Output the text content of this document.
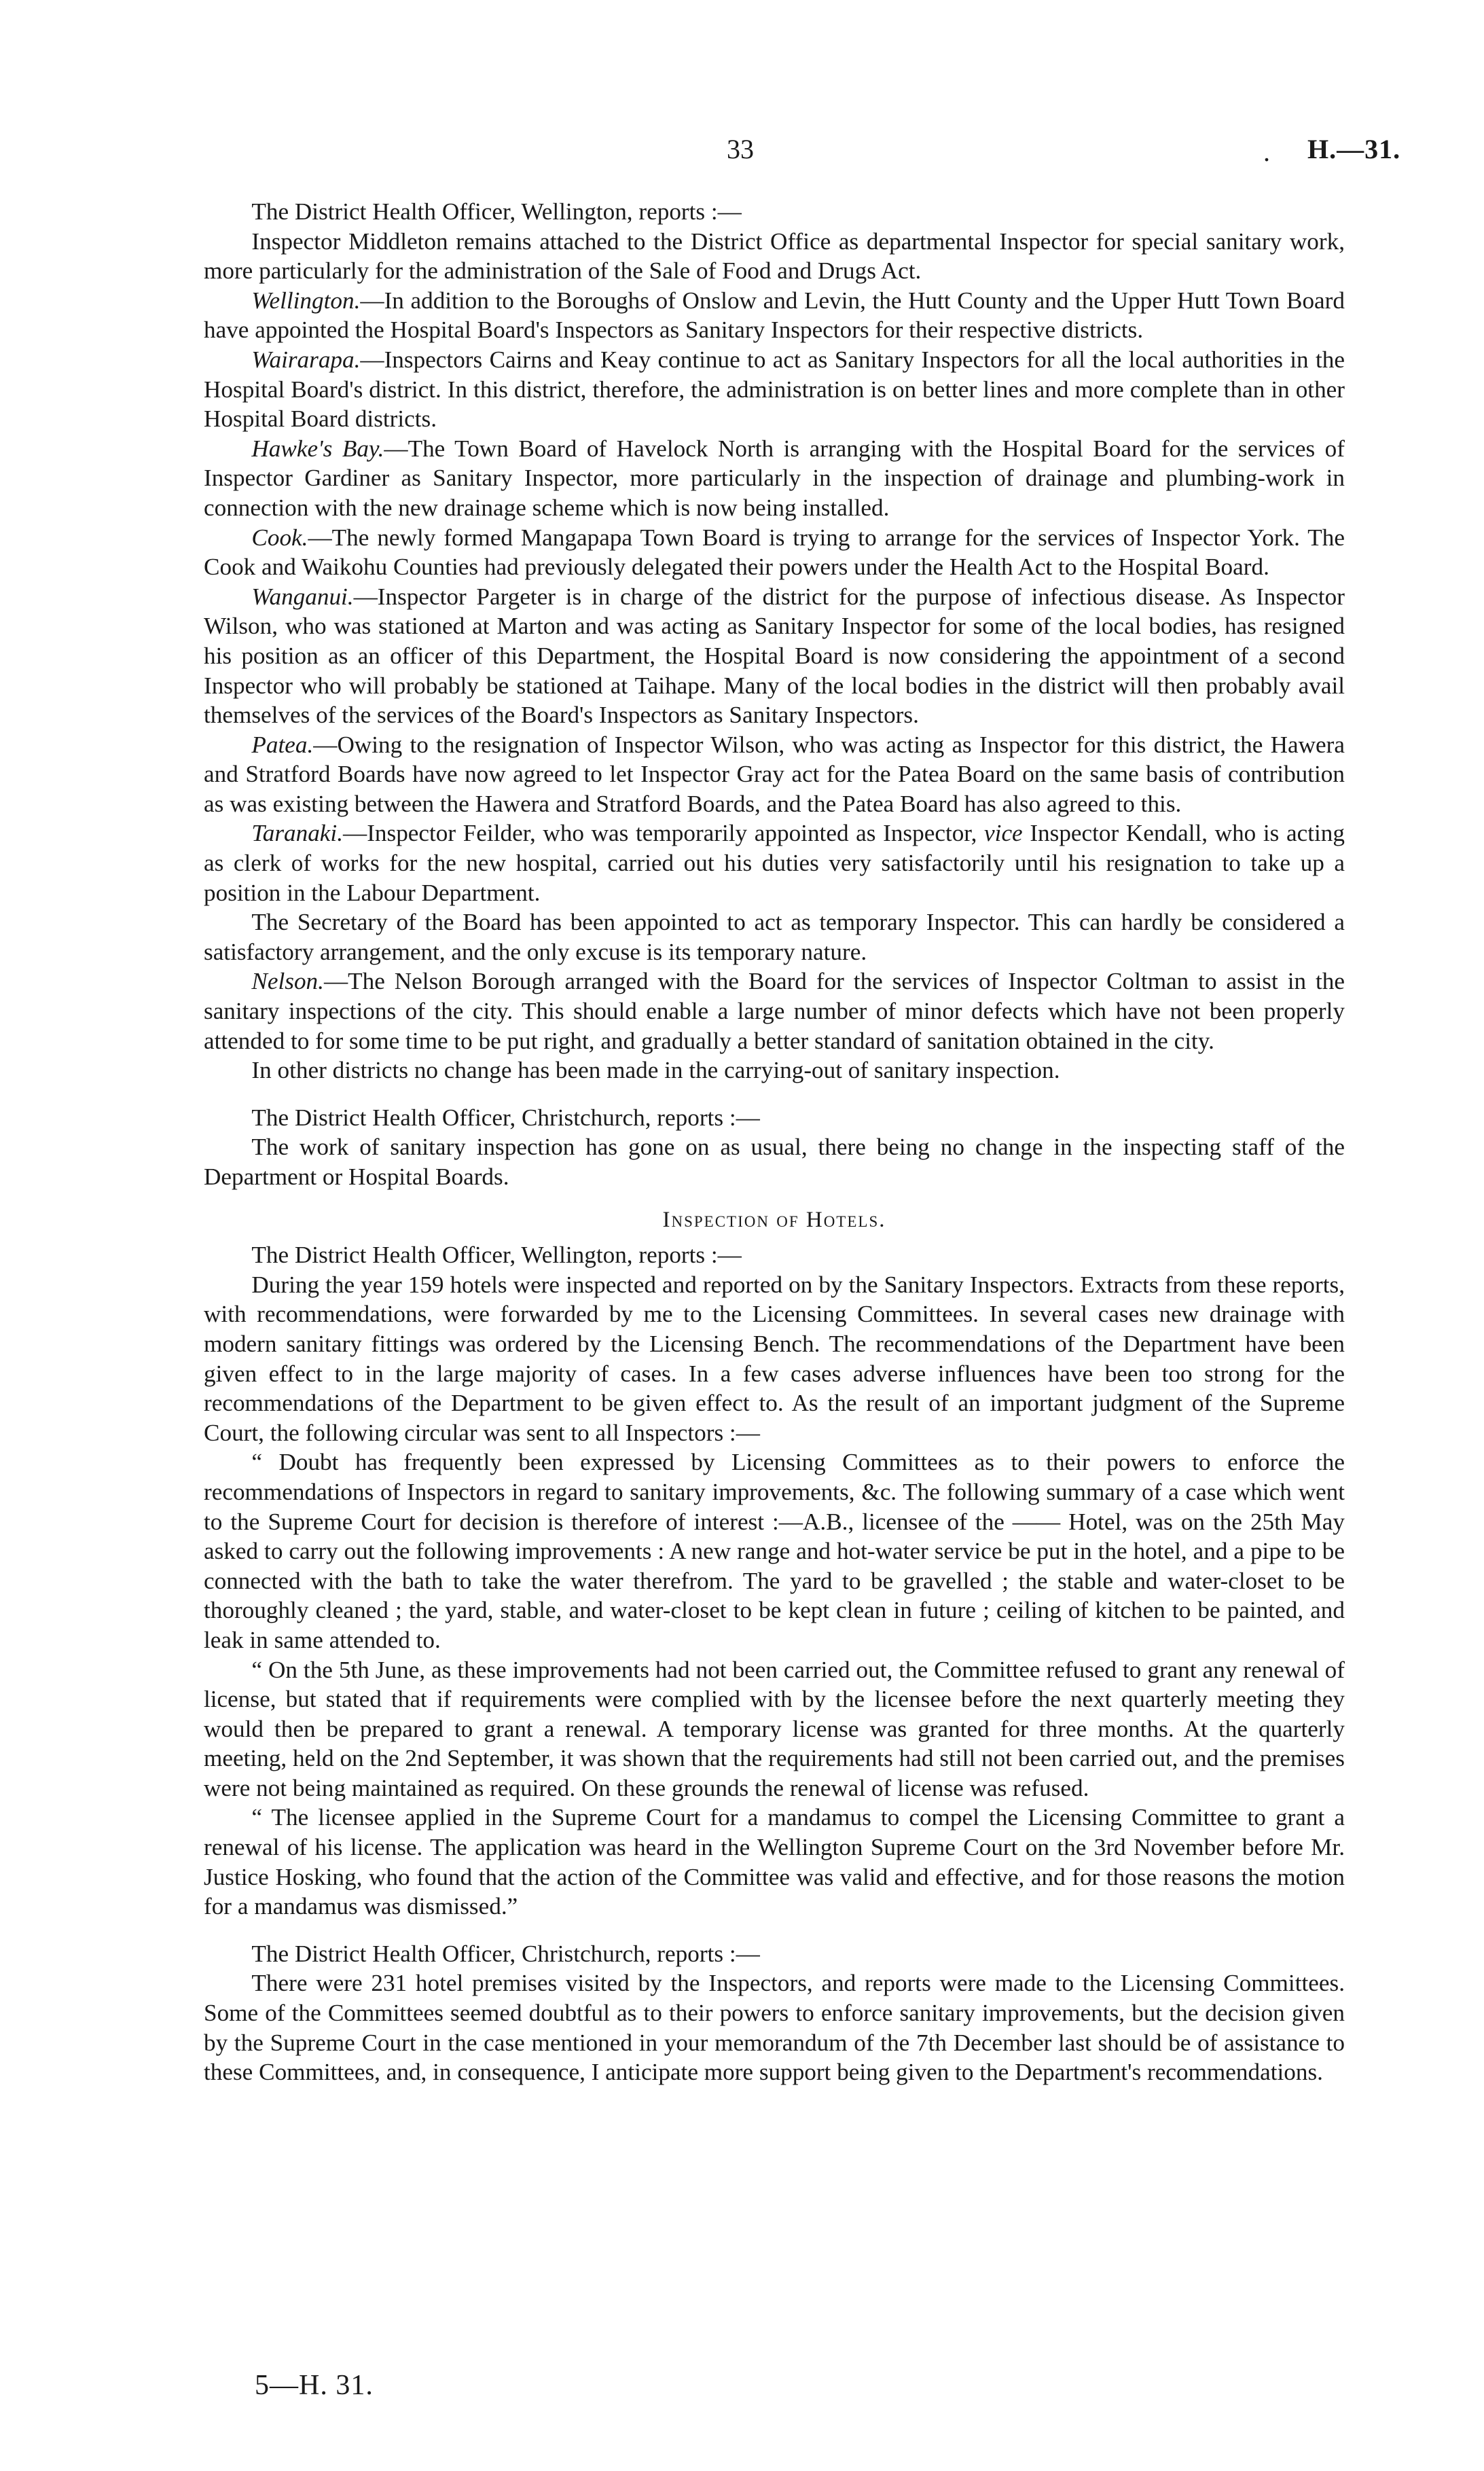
33	. H.—31.

The District Health Officer, Wellington, reports :—

Inspector Middleton remains attached to the District Office as departmental Inspector for special sanitary work, more particularly for the administration of the Sale of Food and Drugs Act.

Wellington.—In addition to the Boroughs of Onslow and Levin, the Hutt County and the Upper Hutt Town Board have appointed the Hospital Board's Inspectors as Sanitary Inspectors for their respective districts.

Wairarapa.—Inspectors Cairns and Keay continue to act as Sanitary Inspectors for all the local authorities in the Hospital Board's district. In this district, therefore, the administration is on better lines and more complete than in other Hospital Board districts.

Hawke's Bay.—The Town Board of Havelock North is arranging with the Hospital Board for the services of Inspector Gardiner as Sanitary Inspector, more particularly in the inspection of drainage and plumbing-work in connection with the new drainage scheme which is now being installed.

Cook.—The newly formed Mangapapa Town Board is trying to arrange for the services of Inspector York. The Cook and Waikohu Counties had previously delegated their powers under the Health Act to the Hospital Board.

Wanganui.—Inspector Pargeter is in charge of the district for the purpose of infectious disease. As Inspector Wilson, who was stationed at Marton and was acting as Sanitary Inspector for some of the local bodies, has resigned his position as an officer of this Department, the Hospital Board is now considering the appointment of a second Inspector who will probably be stationed at Taihape. Many of the local bodies in the district will then probably avail themselves of the services of the Board's Inspectors as Sanitary Inspectors.

Patea.—Owing to the resignation of Inspector Wilson, who was acting as Inspector for this district, the Hawera and Stratford Boards have now agreed to let Inspector Gray act for the Patea Board on the same basis of contribution as was existing between the Hawera and Stratford Boards, and the Patea Board has also agreed to this.

Taranaki.—Inspector Feilder, who was temporarily appointed as Inspector, vice Inspector Kendall, who is acting as clerk of works for the new hospital, carried out his duties very satisfactorily until his resignation to take up a position in the Labour Department.

The Secretary of the Board has been appointed to act as temporary Inspector. This can hardly be considered a satisfactory arrangement, and the only excuse is its temporary nature.

Nelson.—The Nelson Borough arranged with the Board for the services of Inspector Coltman to assist in the sanitary inspections of the city. This should enable a large number of minor defects which have not been properly attended to for some time to be put right, and gradually a better standard of sanitation obtained in the city.

In other districts no change has been made in the carrying-out of sanitary inspection.

The District Health Officer, Christchurch, reports :—

The work of sanitary inspection has gone on as usual, there being no change in the inspecting staff of the Department or Hospital Boards.

Inspection of Hotels.

The District Health Officer, Wellington, reports :—

During the year 159 hotels were inspected and reported on by the Sanitary Inspectors. Extracts from these reports, with recommendations, were forwarded by me to the Licensing Committees. In several cases new drainage with modern sanitary fittings was ordered by the Licensing Bench. The recommendations of the Department have been given effect to in the large majority of cases. In a few cases adverse influences have been too strong for the recommendations of the Department to be given effect to. As the result of an important judgment of the Supreme Court, the following circular was sent to all Inspectors :—

“ Doubt has frequently been expressed by Licensing Committees as to their powers to enforce the recommendations of Inspectors in regard to sanitary improvements, &c. The following summary of a case which went to the Supreme Court for decision is therefore of interest :—A.B., licensee of the —— Hotel, was on the 25th May asked to carry out the following improvements : A new range and hot-water service be put in the hotel, and a pipe to be connected with the bath to take the water therefrom. The yard to be gravelled ; the stable and water-closet to be thoroughly cleaned ; the yard, stable, and water-closet to be kept clean in future ; ceiling of kitchen to be painted, and leak in same attended to.

“ On the 5th June, as these improvements had not been carried out, the Committee refused to grant any renewal of license, but stated that if requirements were complied with by the licensee before the next quarterly meeting they would then be prepared to grant a renewal. A temporary license was granted for three months. At the quarterly meeting, held on the 2nd September, it was shown that the requirements had still not been carried out, and the premises were not being maintained as required. On these grounds the renewal of license was refused.

“ The licensee applied in the Supreme Court for a mandamus to compel the Licensing Committee to grant a renewal of his license. The application was heard in the Wellington Supreme Court on the 3rd November before Mr. Justice Hosking, who found that the action of the Committee was valid and effective, and for those reasons the motion for a mandamus was dismissed.”

The District Health Officer, Christchurch, reports :—

There were 231 hotel premises visited by the Inspectors, and reports were made to the Licensing Committees. Some of the Committees seemed doubtful as to their powers to enforce sanitary improvements, but the decision given by the Supreme Court in the case mentioned in your memorandum of the 7th December last should be of assistance to these Committees, and, in consequence, I anticipate more support being given to the Department's recommendations.

5—H. 31.
